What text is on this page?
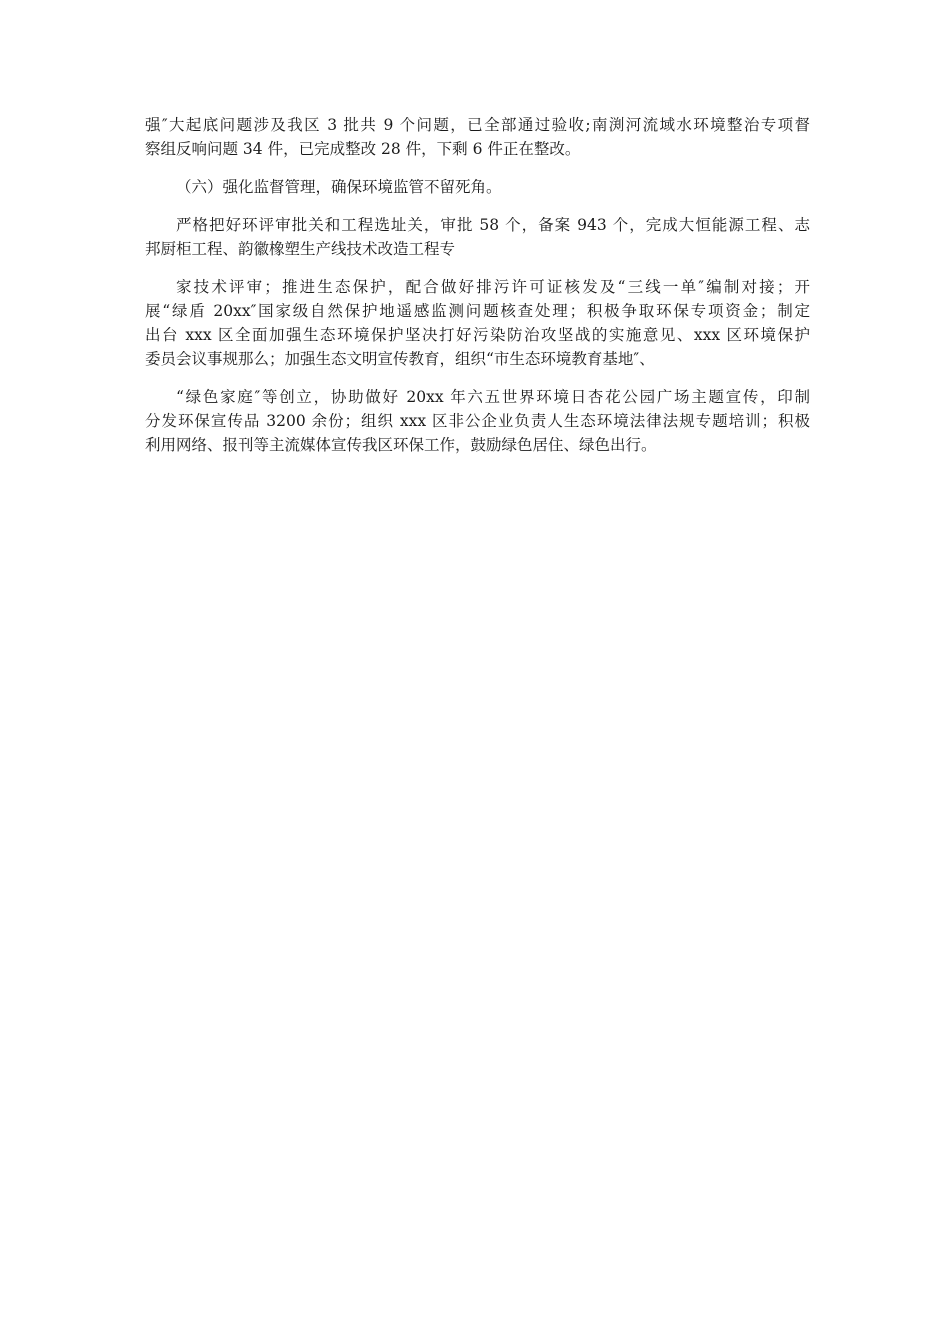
强″大起底问题涉及我区 3 批共 9 个问题，已全部通过验收;南渕河流域水环境整治专项督
察组反响问题 34 件，已完成整改 28 件，下剩 6 件正在整改。
（六）强化监督管理，确保环境监管不留死角。
严格把好环评审批关和工程选址关，审批 58 个，备案 943 个，完成大恒能源工程、志
邦厨柜工程、韵徽橡塑生产线技术改造工程专
家技术评审；推进生态保护，配合做好排污许可证核发及“三线一单″编制对接；开
展“绿盾 20xx″国家级自然保护地遥感监测问题核查处理；积极争取环保专项资金；制定
出台 xxx 区全面加强生态环境保护坚决打好污染防治攻坚战的实施意见、xxx 区环境保护
委员会议事规那么；加强生态文明宣传教育，组织“市生态环境教育基地″、
“绿色家庭″等创立，协助做好 20xx 年六五世界环境日杏花公园广场主题宣传，印制
分发环保宣传品 3200 余份；组织 xxx 区非公企业负责人生态环境法律法规专题培训；积极
利用网络、报刊等主流媒体宣传我区环保工作，鼓励绿色居住、绿色出行。
